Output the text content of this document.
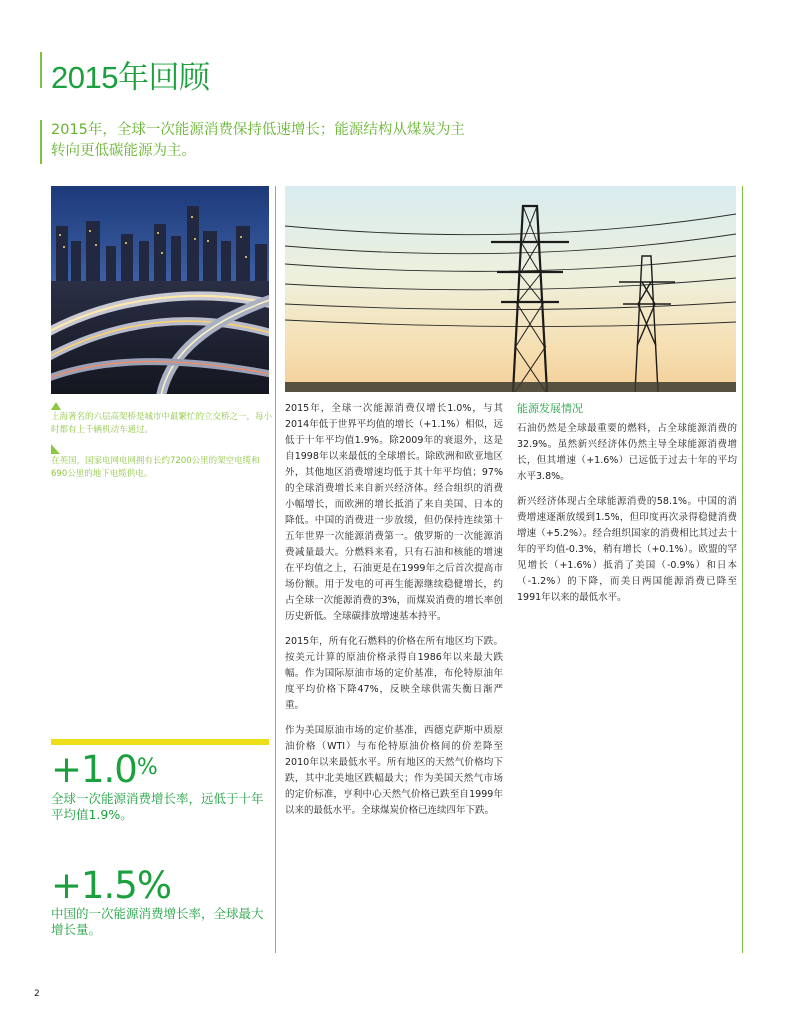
2015年回顾

2015年，全球一次能源消费保持低速增长；能源结构从煤炭为主转向更低碳能源为主。

上海著名的六层高架桥是城市中最繁忙的立交桥之一，每小时都有上千辆机动车通过。

在英国，国家电网电网拥有长约7200公里的架空电缆和690公里的地下电缆供电。

2015年，全球一次能源消费仅增长1.0%，与其2014年低于世界平均值的增长（+1.1%）相似，远低于十年平均值1.9%。除2009年的衰退外，这是自1998年以来最低的全球增长。除欧洲和欧亚地区外，其他地区消费增速均低于其十年平均值；97%的全球消费增长来自新兴经济体。经合组织的消费小幅增长，而欧洲的增长抵消了来自美国、日本的降低。中国的消费进一步放缓，但仍保持连续第十五年世界一次能源消费第一。俄罗斯的一次能源消费减量最大。分燃料来看，只有石油和核能的增速在平均值之上，石油更是在1999年之后首次提高市场份额。用于发电的可再生能源继续稳健增长，约占全球一次能源消费的3%，而煤炭消费的增长率创历史新低。全球碳排放增速基本持平。

2015年，所有化石燃料的价格在所有地区均下跌。按美元计算的原油价格录得自1986年以来最大跌幅。作为国际原油市场的定价基准，布伦特原油年度平均价格下降47%，反映全球供需失衡日渐严重。

作为美国原油市场的定价基准，西德克萨斯中质原油价格（WTI）与布伦特原油价格间的价差降至2010年以来最低水平。所有地区的天然气价格均下跌，其中北美地区跌幅最大；作为美国天然气市场的定价标准，亨利中心天然气价格已跌至自1999年以来的最低水平。全球煤炭价格已连续四年下跌。

能源发展情况

石油仍然是全球最重要的燃料，占全球能源消费的32.9%。虽然新兴经济体仍然主导全球能源消费增长，但其增速（+1.6%）已远低于过去十年的平均水平3.8%。

新兴经济体现占全球能源消费的58.1%。中国的消费增速逐渐放缓到1.5%，但印度再次录得稳健消费增速（+5.2%）。经合组织国家的消费相比其过去十年的平均值-0.3%，稍有增长（+0.1%）。欧盟的罕见增长（+1.6%）抵消了美国（-0.9%）和日本（-1.2%）的下降，而美日两国能源消费已降至1991年以来的最低水平。

+1.0%

全球一次能源消费增长率，远低于十年平均值1.9%。

+1.5%

中国的一次能源消费增长率，全球最大增长量。

2
